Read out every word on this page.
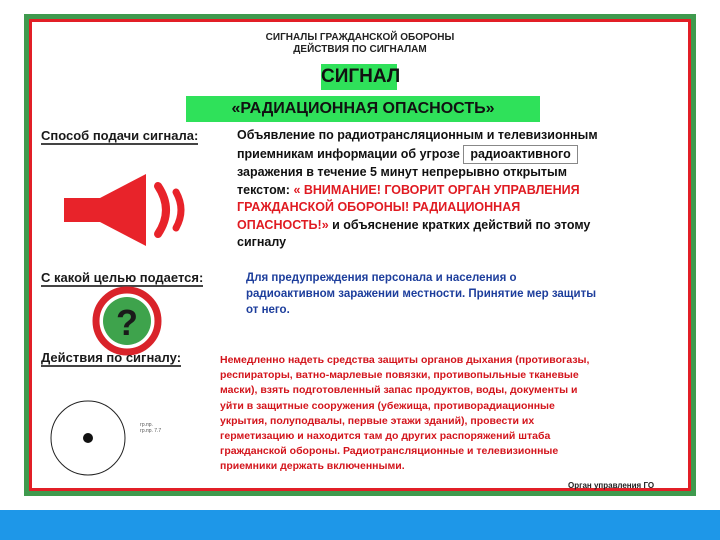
СИГНАЛЫ ГРАЖДАНСКОЙ ОБОРОНЫ
ДЕЙСТВИЯ ПО СИГНАЛАМ
СИГНАЛ
«РАДИАЦИОННАЯ ОПАСНОСТЬ»
Способ подачи сигнала:	Объявление по радиотрансляционным и телевизионным
приемникам информации об угрозе радиоактивного
заражения в течение 5 минут непрерывно открытым
текстом: « ВНИМАНИЕ! ГОВОРИТ ОРГАН УПРАВЛЕНИЯ
ГРАЖДАНСКОЙ ОБОРОНЫ! РАДИАЦИОННАЯ
ОПАСНОСТЬ!» и объяснение кратких действий по этому
сигналу
С какой целью подается:	Для предупреждения персонала и населения о
радиоактивном заражении местности. Принятие мер защиты
от него.
?
Действия по сигналу:	Немедленно надеть средства защиты органов дыхания (противогазы,
респираторы, ватно-марлевые повязки, противопыльные тканевые
маски), взять подготовленный запас продуктов, воды, документы и
уйти в защитные сооружения (убежища, противорадиационные
укрытия, полуподвалы, первые этажи зданий), провести их
герметизацию и находится там до других распоряжений штаба
гражданской обороны. Радиотрансляционные и телевизионные
приемники держать включенными.
гр.пр.
гр.пр. 7.7
Орган управления ГО
